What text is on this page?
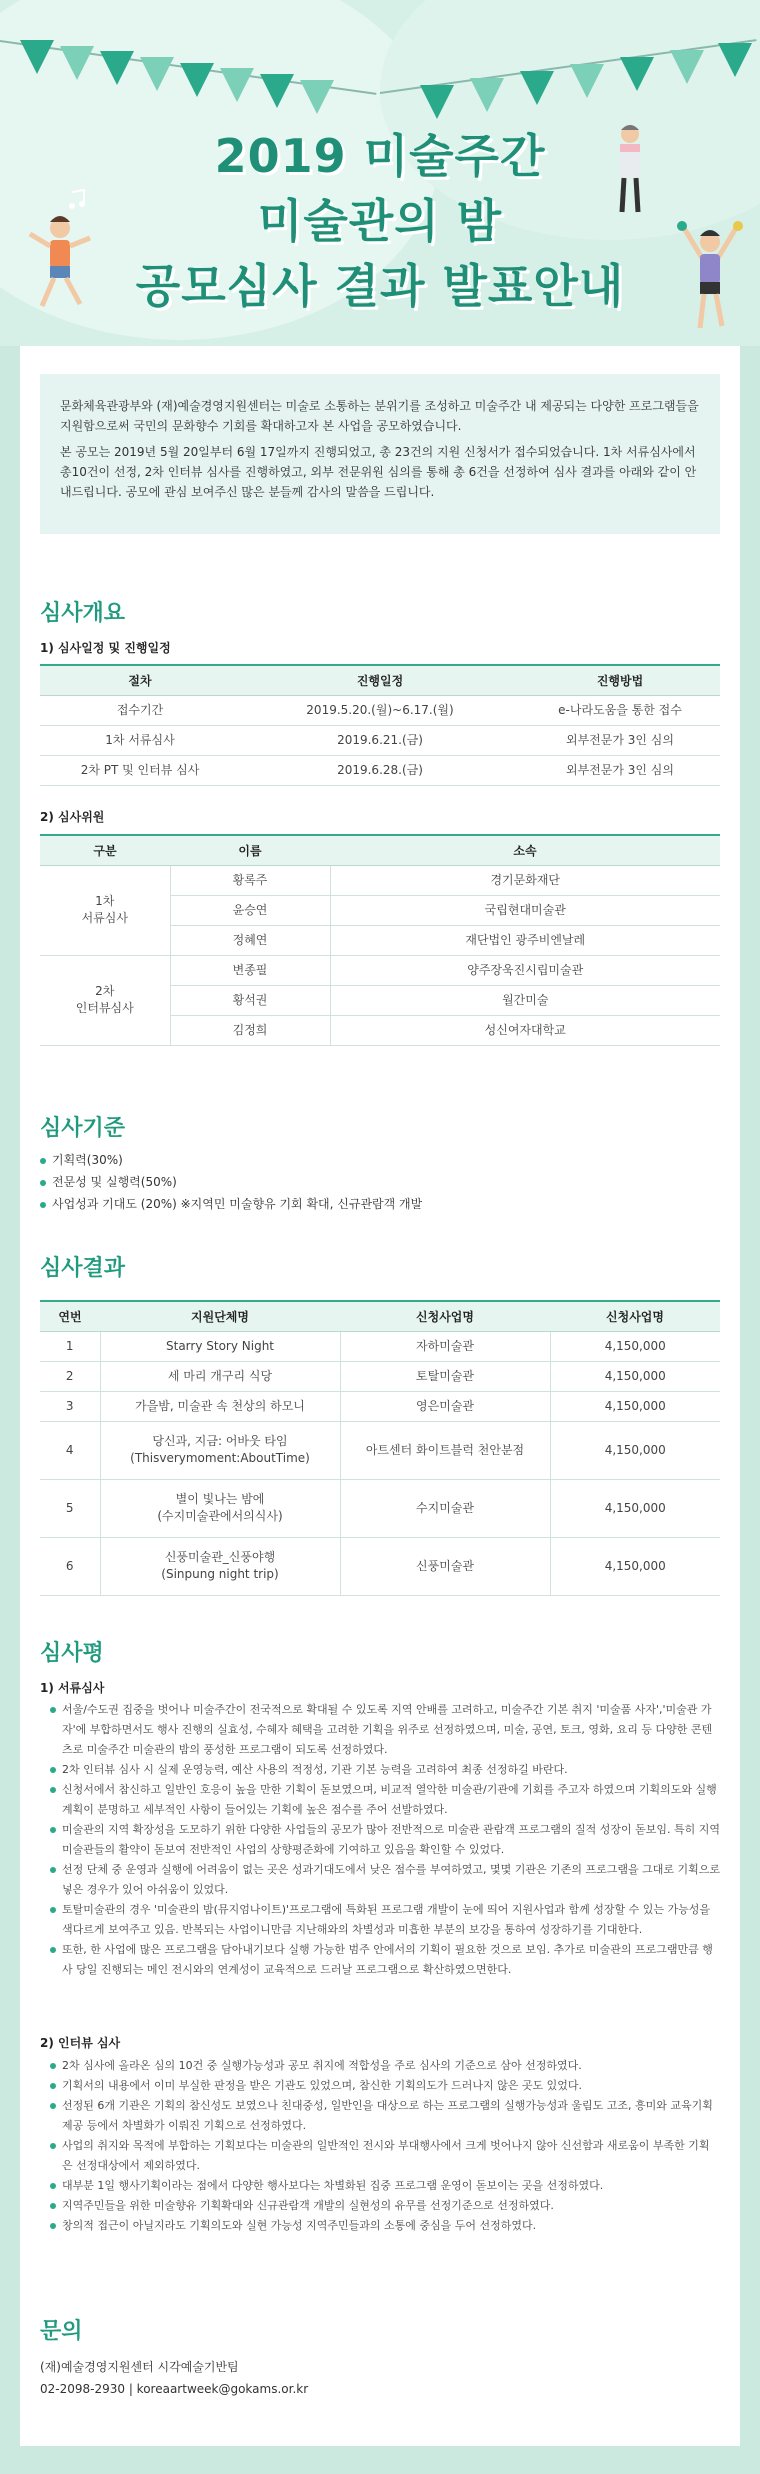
2019 미술주간
미술관의 밤
공모심사 결과 발표안내

문화체육관광부와 (재)예술경영지원센터는 미술로 소통하는 분위기를 조성하고 미술주간 내 제공되는 다양한 프로그램들을 지원함으로써 국민의 문화향수 기회를 확대하고자 본 사업을 공모하였습니다.

본 공모는 2019년 5월 20일부터 6월 17일까지 진행되었고, 총 23건의 지원 신청서가 접수되었습니다. 1차 서류심사에서 총10건이 선정, 2차 인터뷰 심사를 진행하였고, 외부 전문위원 심의를 통해 총 6건을 선정하여 심사 결과를 아래와 같이 안내드립니다. 공모에 관심 보여주신 많은 분들께 감사의 말씀을 드립니다.

심사개요
1) 심사일정 및 진행일정
절차	진행일정	진행방법
접수기간	2019.5.20.(월)~6.17.(월)	e-나라도움을 통한 접수
1차 서류심사	2019.6.21.(금)	외부전문가 3인 심의
2차 PT 및 인터뷰 심사	2019.6.28.(금)	외부전문가 3인 심의
2) 심사위원
구분	이름	소속
1차
서류심사	황록주	경기문화재단
	윤승연	국립현대미술관
	정혜연	재단법인 광주비엔날레
2차
인터뷰심사	변종필	양주장욱진시립미술관
	황석권	월간미술
	김정희	성신여자대학교
심사기준
기획력(30%)
전문성 및 실행력(50%)
사업성과 기대도 (20%) ※지역민 미술향유 기회 확대, 신규관람객 개발
심사결과
연번	지원단체명	신청사업명	신청사업명
1	Starry Story Night	자하미술관	4,150,000
2	세 마리 개구리 식당	토탈미술관	4,150,000
3	가을밤, 미술관 속 천상의 하모니	영은미술관	4,150,000
4	당신과, 지금: 어바웃 타임
(Thisverymoment:AboutTime)	아트센터 화이트블럭 천안분점	4,150,000
5	별이 빛나는 밤에
(수지미술관에서의식사)	수지미술관	4,150,000
6	신풍미술관_신풍야행
(Sinpung night trip)	신풍미술관	4,150,000
심사평
1) 서류심사
서울/수도권 집중을 벗어나 미술주간이 전국적으로 확대될 수 있도록 지역 안배를 고려하고, 미술주간 기본 취지 '미술품 사자','미술관 가자'에 부합하면서도 행사 진행의 실효성, 수혜자 혜택을 고려한 기획을 위주로 선정하였으며, 미술, 공연, 토크, 영화, 요리 등 다양한 콘텐츠로 미술주간 미술관의 밤의 풍성한 프로그램이 되도록 선정하였다.
2차 인터뷰 심사 시 실제 운영능력, 예산 사용의 적정성, 기관 기본 능력을 고려하여 최종 선정하길 바란다.
신청서에서 참신하고 일반인 호응이 높을 만한 기획이 돋보였으며, 비교적 열악한 미술관/기관에 기회를 주고자 하였으며 기획의도와 실행계획이 분명하고 세부적인 사항이 들어있는 기획에 높은 점수를 주어 선발하였다.
미술관의 지역 확장성을 도모하기 위한 다양한 사업들의 공모가 많아 전반적으로 미술관 관람객 프로그램의 질적 성장이 돋보임. 특히 지역 미술관들의 활약이 돋보여 전반적인 사업의 상향평준화에 기여하고 있음을 확인할 수 있었다.
선정 단체 중 운영과 실행에 어려움이 없는 곳은 성과기대도에서 낮은 점수를 부여하였고, 몇몇 기관은 기존의 프로그램을 그대로 기획으로 넣은 경우가 있어 아쉬움이 있었다.
토탈미술관의 경우 '미술관의 밤(뮤지엄나이트)'프로그램에 특화된 프로그램 개발이 눈에 띄어 지원사업과 함께 성장할 수 있는 가능성을 색다르게 보여주고 있음. 반복되는 사업이니만큼 지난해와의 차별성과 미흡한 부분의 보강을 통하여 성장하기를 기대한다.
또한, 한 사업에 많은 프로그램을 담아내기보다 실행 가능한 범주 안에서의 기획이 필요한 것으로 보임. 추가로 미술관의 프로그램만큼 행사 당일 진행되는 메인 전시와의 연계성이 교육적으로 드러날 프로그램으로 확산하였으면한다.
2) 인터뷰 심사
2차 심사에 올라온 심의 10건 중 실행가능성과 공모 취지에 적합성을 주로 심사의 기준으로 삼아 선정하였다.
기획서의 내용에서 이미 부실한 판정을 받은 기관도 있었으며, 참신한 기획의도가 드러나지 않은 곳도 있었다.
선정된 6개 기관은 기획의 참신성도 보였으나 친대중성, 일반인을 대상으로 하는 프로그램의 실행가능성과 울림도 고조, 흥미와 교육기획 제공 등에서 차별화가 이뤄진 기획으로 선정하였다.
사업의 취지와 목적에 부합하는 기획보다는 미술관의 일반적인 전시와 부대행사에서 크게 벗어나지 않아 신선함과 새로움이 부족한 기획은 선정대상에서 제외하였다.
대부분 1일 행사기획이라는 점에서 다양한 행사보다는 차별화된 집중 프로그램 운영이 돋보이는 곳을 선정하였다.
지역주민들을 위한 미술향유 기획확대와 신규관람객 개발의 실현성의 유무를 선정기준으로 선정하였다.
창의적 접근이 아닐지라도 기획의도와 실현 가능성 지역주민들과의 소통에 중심을 두어 선정하였다.
문의
(재)예술경영지원센터 시각예술기반팀
02-2098-2930 | koreaartweek@gokams.or.kr
